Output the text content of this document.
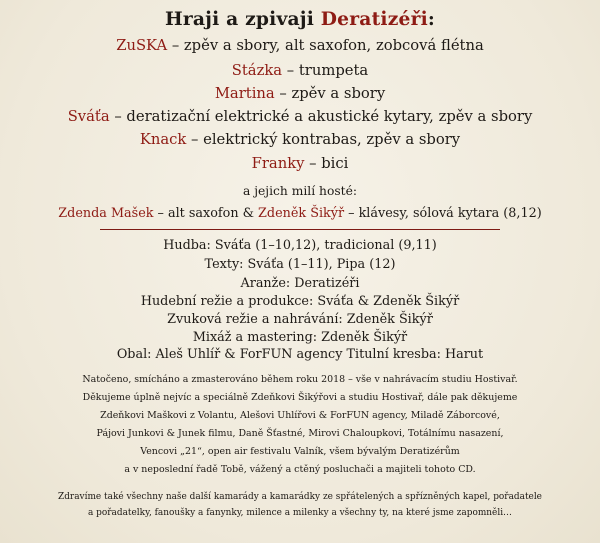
Hraji a zpivaji Deratizéři:
ZuSKA – zpěv a sbory, alt saxofon, zobcová flétna
Stázka – trumpeta
Martina – zpěv a sbory
Sváťa – deratizační elektrické a akustické kytary, zpěv a sbory
Knack – elektrický kontrabas, zpěv a sbory
Franky – bici
a jejich milí hosté:
Zdenda Mašek – alt saxofon & Zdeněk Šikýř – klávesy, sólová kytara (8,12)
Hudba: Sváťa (1–10,12), tradicional (9,11)
Texty: Sváťa (1–11), Pipa (12)
Aranže: Deratizéři
Hudební režie a produkce: Sváťa & Zdeněk Šikýř
Zvuková režie a nahrávání: Zdeněk Šikýř
Mixáž a mastering: Zdeněk Šikýř
Obal: Aleš Uhlíř & ForFUN agency Titulní kresba: Harut
Natočeno, smícháno a zmasterováno během roku 2018 – vše v nahrávacím studiu Hostivař.
Děkujeme úplně nejvíc a speciálně Zdeňkovi Šikýřovi a studiu Hostivař, dále pak děkujeme
Zdeňkovi Maškovi z Volantu, Alešovi Uhlířovi & ForFUN agency, Miladě Záborcové,
Pájovi Junkovi & Junek filmu, Daně Šťastné, Mirovi Chaloupkovi, Totálnímu nasazení,
Vencovi „21“, open air festivalu Valník, všem bývalým Deratizérům
a v neposlední řadě Tobě, vážený a ctěný posluchači a majiteli tohoto CD.
Zdravíme také všechny naše další kamarády a kamarádky ze spřátelených a spřízněných kapel, pořadatele
a pořadatelky, fanoušky a fanynky, milence a milenky a všechny ty, na které jsme zapomněli…
